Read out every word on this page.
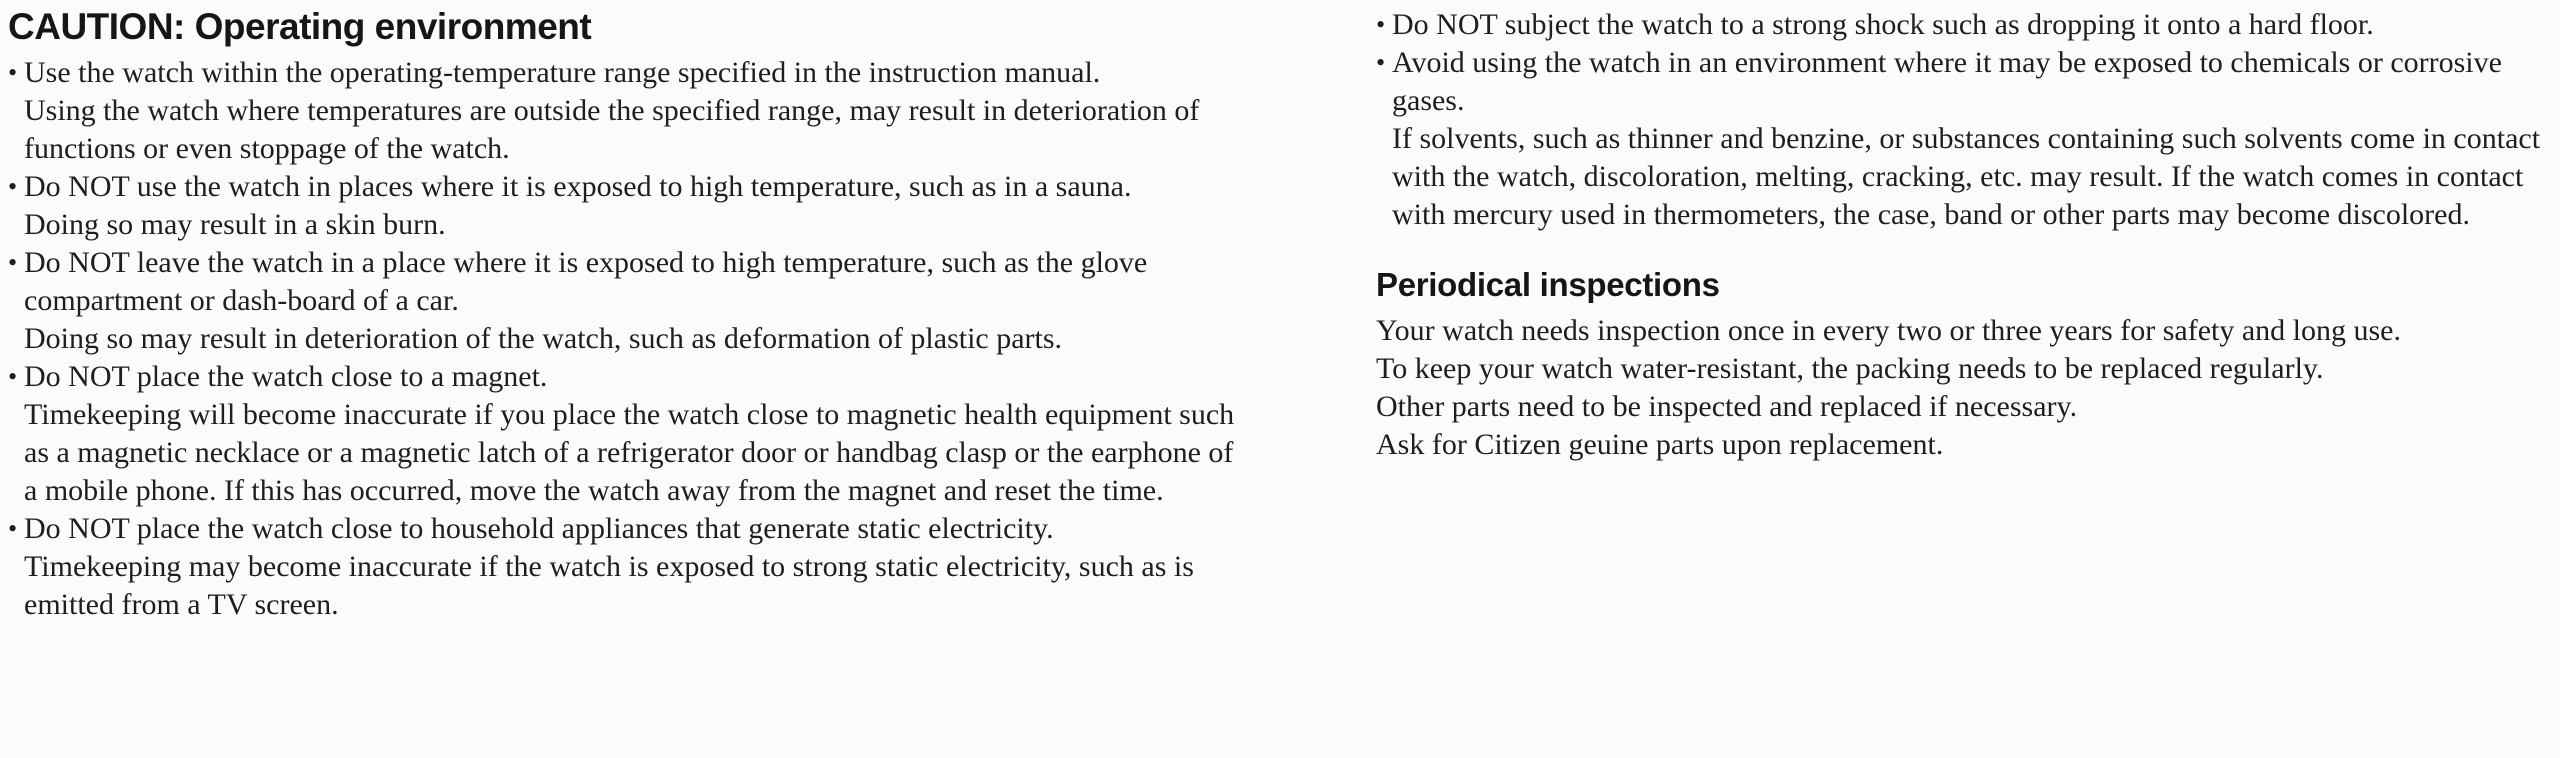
CAUTION: Operating environment
• Use the watch within the operating-temperature range specified in the instruction manual.

Using the watch where temperatures are outside the specified range, may result in deterioration of functions or even stoppage of the watch.

• Do NOT use the watch in places where it is exposed to high temperature, such as in a sauna.

Doing so may result in a skin burn.

• Do NOT leave the watch in a place where it is exposed to high temperature, such as the glove compartment or dash-board of a car.

Doing so may result in deterioration of the watch, such as deformation of plastic parts.

• Do NOT place the watch close to a magnet.

Timekeeping will become inaccurate if you place the watch close to magnetic health equipment such as a magnetic necklace or a magnetic latch of a refrigerator door or handbag clasp or the earphone of a mobile phone. If this has occurred, move the watch away from the magnet and reset the time.

• Do NOT place the watch close to household appliances that generate static electricity.

Timekeeping may become inaccurate if the watch is exposed to strong static electricity, such as is emitted from a TV screen.

• Do NOT subject the watch to a strong shock such as dropping it onto a hard floor.

• Avoid using the watch in an environment where it may be exposed to chemicals or corrosive gases.

If solvents, such as thinner and benzine, or substances containing such solvents come in contact with the watch, discoloration, melting, cracking, etc. may result. If the watch comes in contact with mercury used in thermometers, the case, band or other parts may become discolored.

Periodical inspections

Your watch needs inspection once in every two or three years for safety and long use.

To keep your watch water-resistant, the packing needs to be replaced regularly.

Other parts need to be inspected and replaced if necessary.

Ask for Citizen geuine parts upon replacement.
